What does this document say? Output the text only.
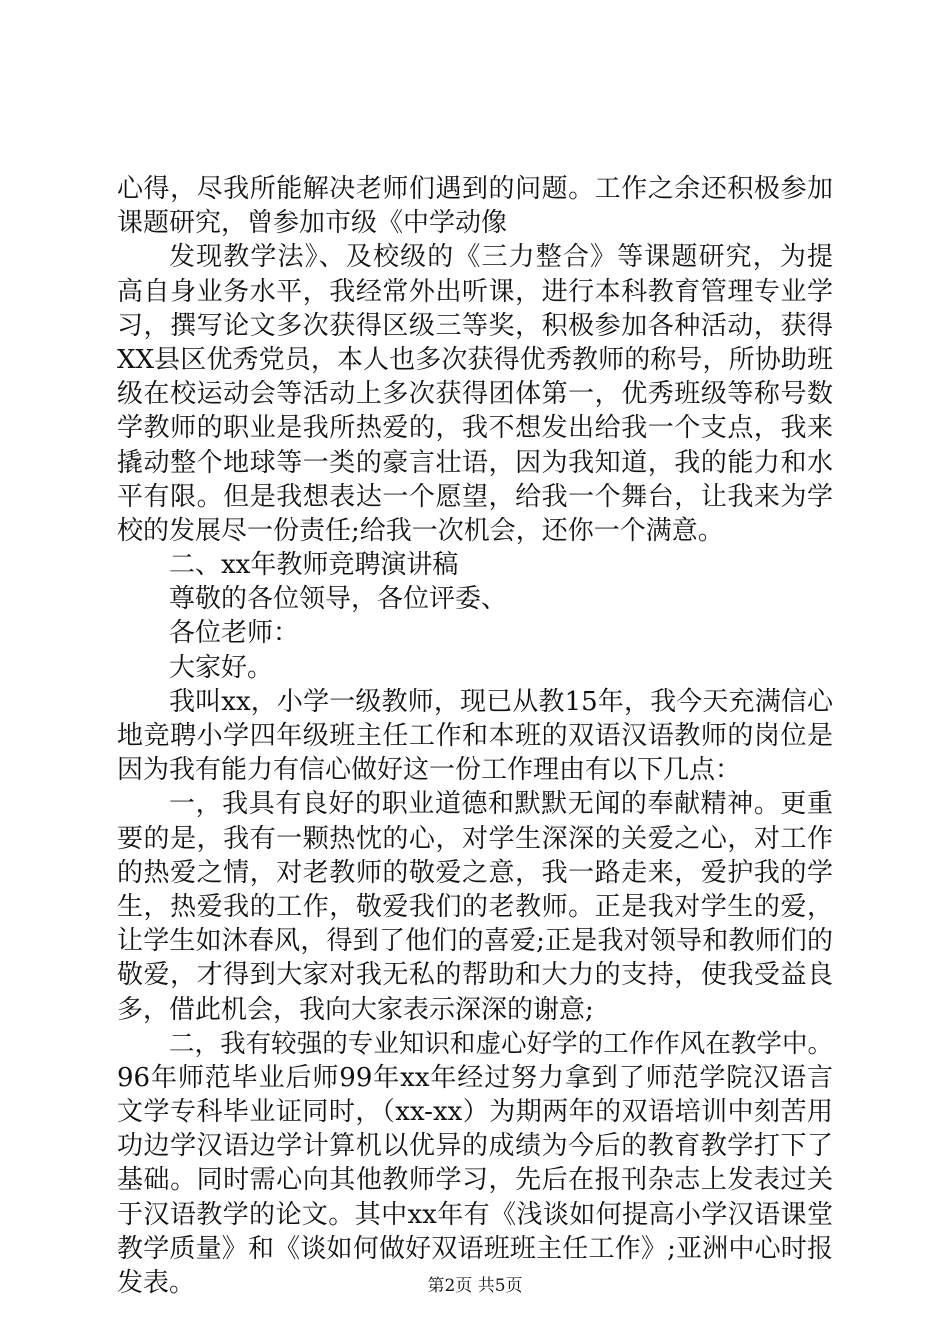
心得，尽我所能解决老师们遇到的问题。工作之余还积极参加
课题研究，曾参加市级《中学动像
发现教学法》、及校级的《三力整合》等课题研究，为提
高自身业务水平，我经常外出听课，进行本科教育管理专业学
习，撰写论文多次获得区级三等奖，积极参加各种活动，获得
XX县区优秀党员，本人也多次获得优秀教师的称号，所协助班
级在校运动会等活动上多次获得团体第一，优秀班级等称号数
学教师的职业是我所热爱的，我不想发出给我一个支点，我来
撬动整个地球等一类的豪言壮语，因为我知道，我的能力和水
平有限。但是我想表达一个愿望，给我一个舞台，让我来为学
校的发展尽一份责任;给我一次机会，还你一个满意。
二、xx年教师竞聘演讲稿
尊敬的各位领导，各位评委、
各位老师：
大家好。
我叫xx，小学一级教师，现已从教15年，我今天充满信心
地竞聘小学四年级班主任工作和本班的双语汉语教师的岗位是
因为我有能力有信心做好这一份工作理由有以下几点：
一，我具有良好的职业道德和默默无闻的奉献精神。更重
要的是，我有一颗热忱的心，对学生深深的关爱之心，对工作
的热爱之情，对老教师的敬爱之意，我一路走来，爱护我的学
生，热爱我的工作，敬爱我们的老教师。正是我对学生的爱，
让学生如沐春风，得到了他们的喜爱;正是我对领导和教师们的
敬爱，才得到大家对我无私的帮助和大力的支持，使我受益良
多，借此机会，我向大家表示深深的谢意;
二，我有较强的专业知识和虚心好学的工作作风在教学中。
96年师范毕业后师99年xx年经过努力拿到了师范学院汉语言
文学专科毕业证同时，（xx-xx）为期两年的双语培训中刻苦用
功边学汉语边学计算机以优异的成绩为今后的教育教学打下了
基础。同时需心向其他教师学习，先后在报刊杂志上发表过关
于汉语教学的论文。其中xx年有《浅谈如何提高小学汉语课堂
教学质量》和《谈如何做好双语班班主任工作》;亚洲中心时报
发表。	第2页 共5页
